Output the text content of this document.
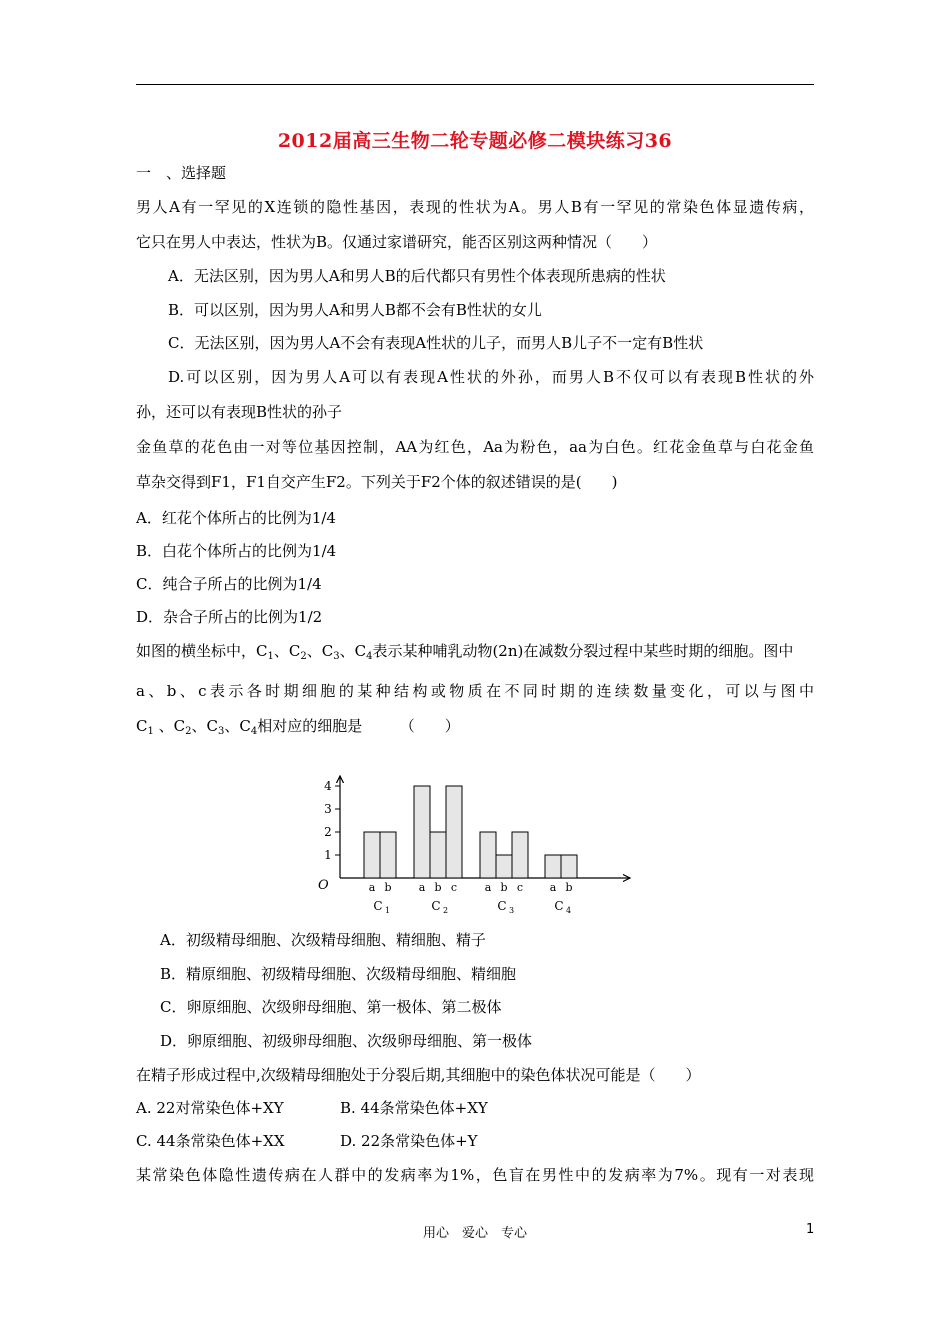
2012届高三生物二轮专题必修二模块练习36
一　、选择题
男人A有一罕见的X连锁的隐性基因，表现的性状为A。男人B有一罕见的常染色体显遗传病，
它只在男人中表达，性状为B。仅通过家谱研究，能否区别这两种情况（　　）
A．无法区别，因为男人A和男人B的后代都只有男性个体表现所患病的性状
B．可以区别，因为男人A和男人B都不会有B性状的女儿
C．无法区别，因为男人A不会有表现A性状的儿子，而男人B儿子不一定有B性状
D.可以区别，因为男人A可以有表现A性状的外孙，而男人B不仅可以有表现B性状的外
孙，还可以有表现B性状的孙子
金鱼草的花色由一对等位基因控制，AA为红色，Aa为粉色，aa为白色。红花金鱼草与白花金鱼
草杂交得到F1，F1自交产生F2。下列关于F2个体的叙述错误的是(　　)
A．红花个体所占的比例为1/4
B．白花个体所占的比例为1/4
C．纯合子所占的比例为1/4
D．杂合子所占的比例为1/2
如图的横坐标中，$C_1$、$C_2$、$C_3$、$C_4$表示某种哺乳动物(2n)在减数分裂过程中某些时期的细胞。图中
a、b、c表示各时期细胞的某种结构或物质在不同时期的连续数量变化，可以与图中
$C_1$ 、$C_2$、$C_3$、$C_4$相对应的细胞是　　　（　　）
O
1
2
3
4
a b
C 1
a b c
C 2
a b c
C 3
a b
C 4
A．初级精母细胞、次级精母细胞、精细胞、精子
B．精原细胞、初级精母细胞、次级精母细胞、精细胞
C．卵原细胞、次级卵母细胞、第一极体、第二极体
D．卵原细胞、初级卵母细胞、次级卵母细胞、第一极体
在精子形成过程中,次级精母细胞处于分裂后期,其细胞中的染色体状况可能是（　　）
A. 22对常染色体+XY	B. 44条常染色体+XY
C. 44条常染色体+XX	D. 22条常染色体+Y
某常染色体隐性遗传病在人群中的发病率为1%，色盲在男性中的发病率为7%。现有一对表现
用心　爱心　专心	1
